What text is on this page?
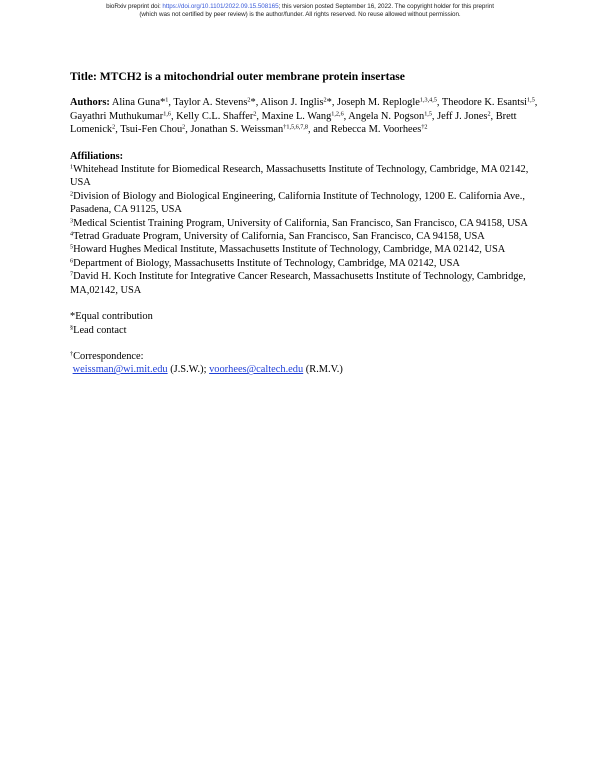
bioRxiv preprint doi: https://doi.org/10.1101/2022.09.15.508165; this version posted September 16, 2022. The copyright holder for this preprint
(which was not certified by peer review) is the author/funder. All rights reserved. No reuse allowed without permission.

Title: MTCH2 is a mitochondrial outer membrane protein insertase

Authors: Alina Guna*$^1$, Taylor A. Stevens$^2$*, Alison J. Inglis$^2$*, Joseph M. Replogle$^{1,3,4,5}$, Theodore K. Esantsi$^{1,5}$, Gayathri Muthukumar$^{1,6}$, Kelly C.L. Shaffer$^2$, Maxine L. Wang$^{1,2,6}$, Angela N. Pogson$^{1,5}$, Jeff J. Jones$^2$, Brett Lomenick$^2$, Tsui-Fen Chou$^2$, Jonathan S. Weissman$^{\dagger 1,5,6,7,8}$, and Rebecca M. Voorhees$^{\dagger 2}$

Affiliations:

$^1$Whitehead Institute for Biomedical Research, Massachusetts Institute of Technology, Cambridge, MA 02142, USA

$^2$Division of Biology and Biological Engineering, California Institute of Technology, 1200 E. California Ave., Pasadena, CA 91125, USA

$^3$Medical Scientist Training Program, University of California, San Francisco, San Francisco, CA 94158, USA

$^4$Tetrad Graduate Program, University of California, San Francisco, San Francisco, CA 94158, USA

$^5$Howard Hughes Medical Institute, Massachusetts Institute of Technology, Cambridge, MA 02142, USA

$^6$Department of Biology, Massachusetts Institute of Technology, Cambridge, MA 02142, USA

$^7$David H. Koch Institute for Integrative Cancer Research, Massachusetts Institute of Technology, Cambridge, MA,02142, USA

*Equal contribution

§Lead contact

†Correspondence:

weissman@wi.mit.edu (J.S.W.); voorhees@caltech.edu (R.M.V.)
